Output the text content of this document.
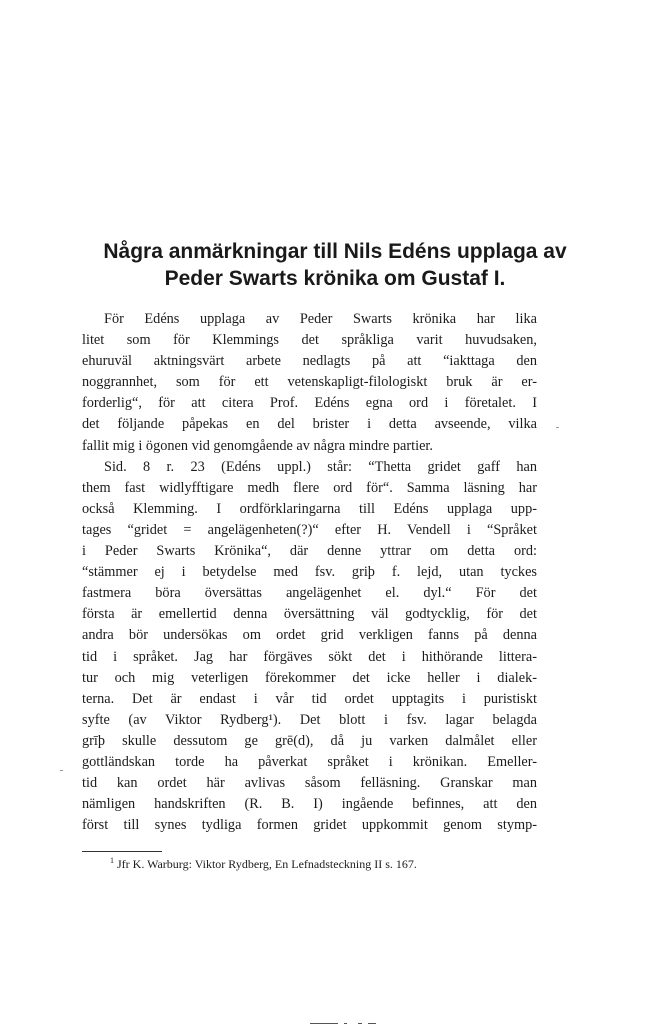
Några anmärkningar till Nils Edéns upplaga av
Peder Swarts krönika om Gustaf I.
För Edéns upplaga av Peder Swarts krönika har lika
litet som för Klemmings det språkliga varit huvudsaken,
ehuruväl aktningsvärt arbete nedlagts på att “iakttaga den
noggrannhet, som för ett vetenskapligt-filologiskt bruk är er-
forderlig“, för att citera Prof. Edéns egna ord i företalet. I
det följande påpekas en del brister i detta avseende, vilka
fallit mig i ögonen vid genomgående av några mindre partier.
Sid. 8 r. 23 (Edéns uppl.) står: “Thetta gridet gaff han
them fast widlyfftigare medh flere ord för“. Samma läsning har
också Klemming. I ordförklaringarna till Edéns upplaga upp-
tages “gridet = angelägenheten(?)“ efter H. Vendell i “Språket
i Peder Swarts Krönika“, där denne yttrar om detta ord:
“stämmer ej i betydelse med fsv. griþ f. lejd, utan tyckes
fastmera böra översättas angelägenhet el. dyl.“ För det
första är emellertid denna översättning väl godtycklig, för det
andra bör undersökas om ordet grid verkligen fanns på denna
tid i språket. Jag har förgäves sökt det i hithörande littera-
tur och mig veterligen förekommer det icke heller i dialek-
terna. Det är endast i vår tid ordet upptagits i puristiskt
syfte (av Viktor Rydberg¹). Det blott i fsv. lagar belagda
grīþ skulle dessutom ge grē(d), då ju varken dalmålet eller
gottländskan torde ha påverkat språket i krönikan. Emeller-
tid kan ordet här avlivas såsom felläsning. Granskar man
nämligen handskriften (R. B. I) ingående befinnes, att den
först till synes tydliga formen gridet uppkommit genom stymp-
$^1$ Jfr K. Warburg: Viktor Rydberg, En Lefnadsteckning II s. 167.
